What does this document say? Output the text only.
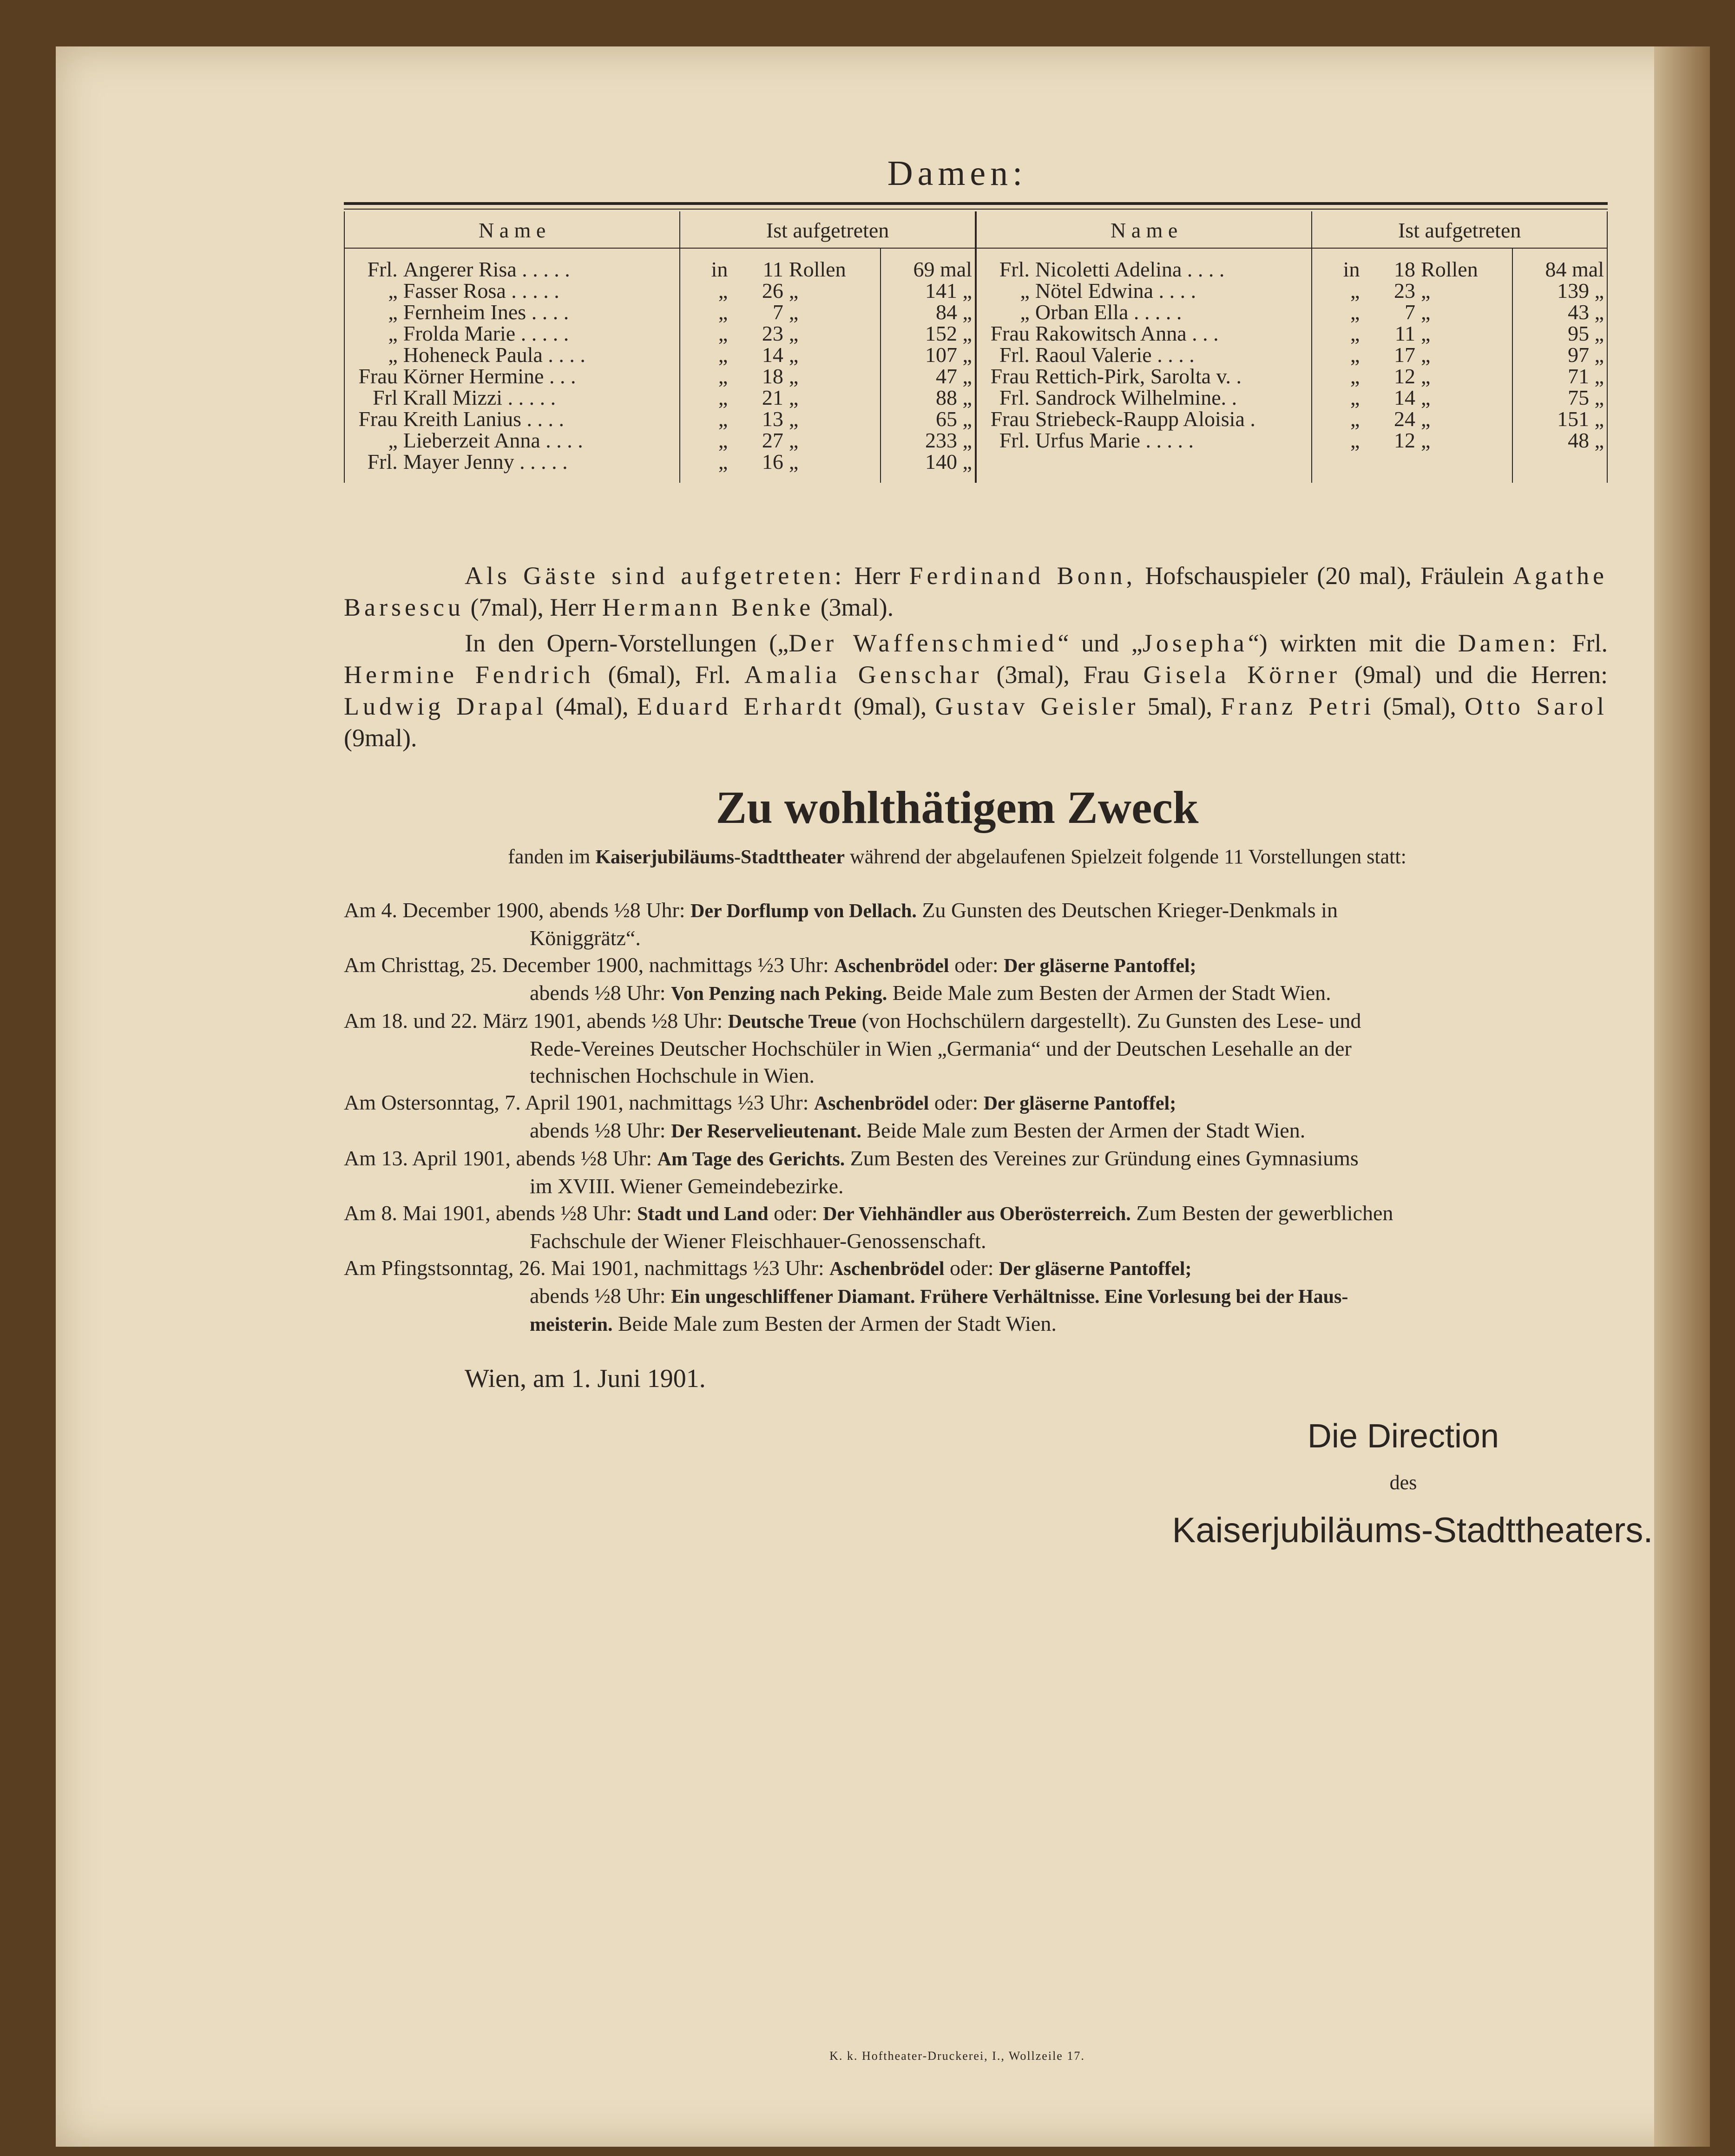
Damen:
N a m e		Ist aufgetreten				N a m e		Ist aufgetreten			
Frl.	Angerer Risa . . . . .	in	11	Rollen	69 mal	Frl.	Nicoletti Adelina . . . .	in	18	Rollen	84 mal
„	Fasser Rosa . . . . .	„	26	„	141 „	„	Nötel Edwina . . . .	„	23	„	139 „
„	Fernheim Ines . . . .	„	7	„	84 „	„	Orban Ella . . . . .	„	7	„	43 „
„	Frolda Marie . . . . .	„	23	„	152 „	Frau	Rakowitsch Anna . . .	„	11	„	95 „
„	Hoheneck Paula . . . .	„	14	„	107 „	Frl.	Raoul Valerie . . . .	„	17	„	97 „
Frau	Körner Hermine . . .	„	18	„	47 „	Frau	Rettich-Pirk, Sarolta v. .	„	12	„	71 „
Frl	Krall Mizzi . . . . .	„	21	„	88 „	Frl.	Sandrock Wilhelmine. .	„	14	„	75 „
Frau	Kreith Lanius . . . .	„	13	„	65 „	Frau	Striebeck-Raupp Aloisia .	„	24	„	151 „
„	Lieberzeit Anna . . . .	„	27	„	233 „	Frl.	Urfus Marie . . . . .	„	12	„	48 „
Frl.	Mayer Jenny . . . . .	„	16	„	140 „						
Als Gäste sind aufgetreten: Herr Ferdinand Bonn, Hofschauspieler (20 mal), Fräulein Agathe Barsescu (7mal), Herr Hermann Benke (3mal).
In den Opern-Vorstellungen („Der Waffenschmied“ und „Josepha“) wirkten mit die Damen: Frl. Hermine Fendrich (6mal), Frl. Amalia Genschar (3mal), Frau Gisela Körner (9mal) und die Herren: Ludwig Drapal (4mal), Eduard Erhardt (9mal), Gustav Geisler 5mal), Franz Petri (5mal), Otto Sarol (9mal).
Zu wohlthätigem Zweck
fanden im Kaiserjubiläums-Stadttheater während der abgelaufenen Spielzeit folgende 11 Vorstellungen statt:
Am 4. December 1900, abends ½8 Uhr: Der Dorflump von Dellach. Zu Gunsten des Deutschen Krieger-Denkmals in
Königgrätz“.
Am Christtag, 25. December 1900, nachmittags ½3 Uhr: Aschenbrödel oder: Der gläserne Pantoffel;
abends ½8 Uhr: Von Penzing nach Peking. Beide Male zum Besten der Armen der Stadt Wien.
Am 18. und 22. März 1901, abends ½8 Uhr: Deutsche Treue (von Hochschülern dargestellt). Zu Gunsten des Lese- und
Rede-Vereines Deutscher Hochschüler in Wien „Germania“ und der Deutschen Lesehalle an der
technischen Hochschule in Wien.
Am Ostersonntag, 7. April 1901, nachmittags ½3 Uhr: Aschenbrödel oder: Der gläserne Pantoffel;
abends ½8 Uhr: Der Reservelieutenant. Beide Male zum Besten der Armen der Stadt Wien.
Am 13. April 1901, abends ½8 Uhr: Am Tage des Gerichts. Zum Besten des Vereines zur Gründung eines Gymnasiums
im XVIII. Wiener Gemeindebezirke.
Am 8. Mai 1901, abends ½8 Uhr: Stadt und Land oder: Der Viehhändler aus Oberösterreich. Zum Besten der gewerblichen
Fachschule der Wiener Fleischhauer-Genossenschaft.
Am Pfingstsonntag, 26. Mai 1901, nachmittags ½3 Uhr: Aschenbrödel oder: Der gläserne Pantoffel;
abends ½8 Uhr: Ein ungeschliffener Diamant. Frühere Verhältnisse. Eine Vorlesung bei der Haus-
meisterin. Beide Male zum Besten der Armen der Stadt Wien.
Wien, am 1. Juni 1901.
Die Direction
des
Kaiserjubiläums-Stadttheaters.
K. k. Hoftheater-Druckerei, I., Wollzeile 17.
